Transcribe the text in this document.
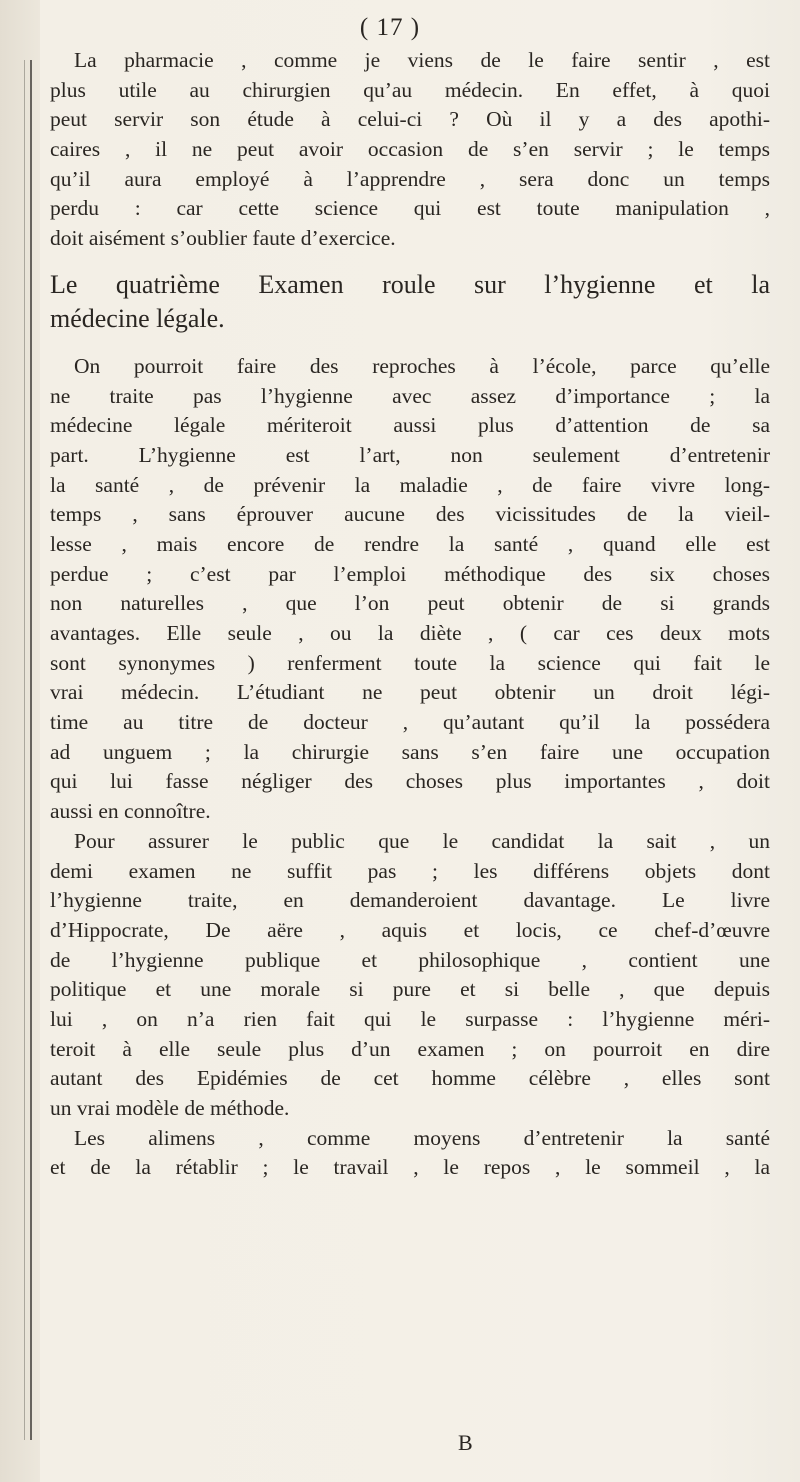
( 17 )
La pharmacie , comme je viens de le faire sentir , est
plus utile au chirurgien qu’au médecin. En effet, à quoi
peut servir son étude à celui-ci ? Où il y a des apothi-
caires , il ne peut avoir occasion de s’en servir ; le temps
qu’il aura employé à l’apprendre , sera donc un temps
perdu : car cette science qui est toute manipulation ,
doit aisément s’oublier faute d’exercice.
Le quatrième Examen roule sur l’hygienne et la
médecine légale.
On pourroit faire des reproches à l’école, parce qu’elle
ne traite pas l’hygienne avec assez d’importance ; la
médecine légale mériteroit aussi plus d’attention de sa
part. L’hygienne est l’art, non seulement d’entretenir
la santé , de prévenir la maladie , de faire vivre long-
temps , sans éprouver aucune des vicissitudes de la vieil-
lesse , mais encore de rendre la santé , quand elle est
perdue ; c’est par l’emploi méthodique des six choses
non naturelles , que l’on peut obtenir de si grands
avantages. Elle seule , ou la diète , ( car ces deux mots
sont synonymes ) renferment toute la science qui fait le
vrai médecin. L’étudiant ne peut obtenir un droit légi-
time au titre de docteur , qu’autant qu’il la possédera
ad unguem ; la chirurgie sans s’en faire une occupation
qui lui fasse négliger des choses plus importantes , doit
aussi en connoître.
Pour assurer le public que le candidat la sait , un
demi examen ne suffit pas ; les différens objets dont
l’hygienne traite, en demanderoient davantage. Le livre
d’Hippocrate, De aëre , aquis et locis, ce chef-d’œuvre
de l’hygienne publique et philosophique , contient une
politique et une morale si pure et si belle , que depuis
lui , on n’a rien fait qui le surpasse : l’hygienne méri-
teroit à elle seule plus d’un examen ; on pourroit en dire
autant des Epidémies de cet homme célèbre , elles sont
un vrai modèle de méthode.
Les alimens , comme moyens d’entretenir la santé
et de la rétablir ; le travail , le repos , le sommeil , la
B
